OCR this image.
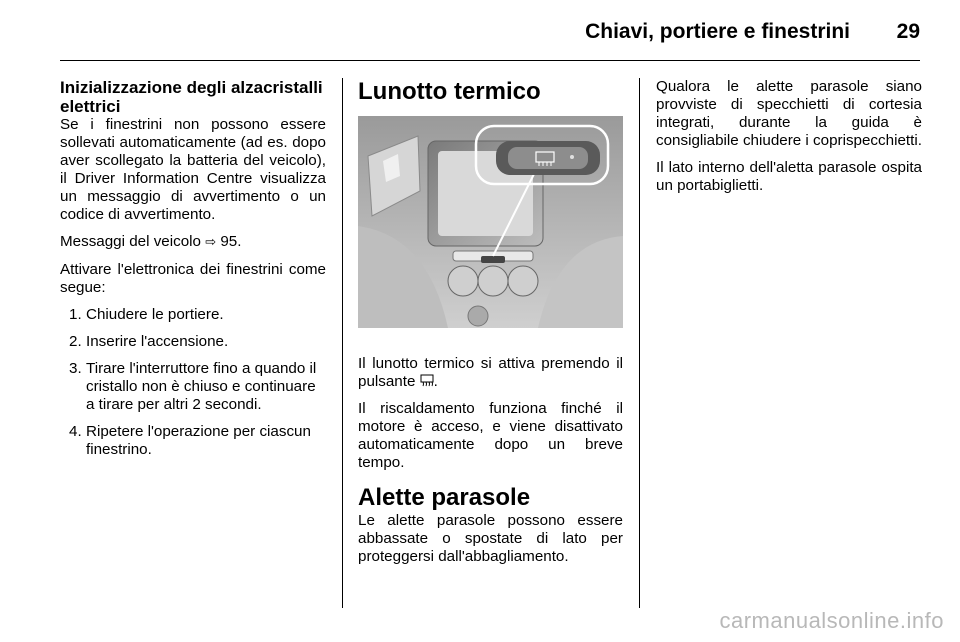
Chiavi, portiere e finestrini 29
Inizializzazione degli alzacristalli elettrici

Se i finestrini non possono essere sollevati automaticamente (ad es. dopo aver scollegato la batteria del veicolo), il Driver Information Centre visualizza un messaggio di avvertimento o un codice di avvertimento.

Messaggi del veicolo ⇨ 95.

Attivare l'elettronica dei finestrini come segue:

1. Chiudere le portiere.
2. Inserire l'accensione.
3. Tirare l'interruttore fino a quando il cristallo non è chiuso e continuare a tirare per altri 2 secondi.
4. Ripetere l'operazione per ciascun finestrino.
Lunotto termico

Il lunotto termico si attiva premendo il pulsante .

Il riscaldamento funziona finché il motore è acceso, e viene disattivato automaticamente dopo un breve tempo.

Alette parasole

Le alette parasole possono essere abbassate o spostate di lato per proteggersi dall'abbagliamento.

Qualora le alette parasole siano provviste di specchietti di cortesia integrati, durante la guida è consigliabile chiudere i coprispecchietti.

Il lato interno dell'aletta parasole ospita un portabiglietti.

carmanualsonline.info
